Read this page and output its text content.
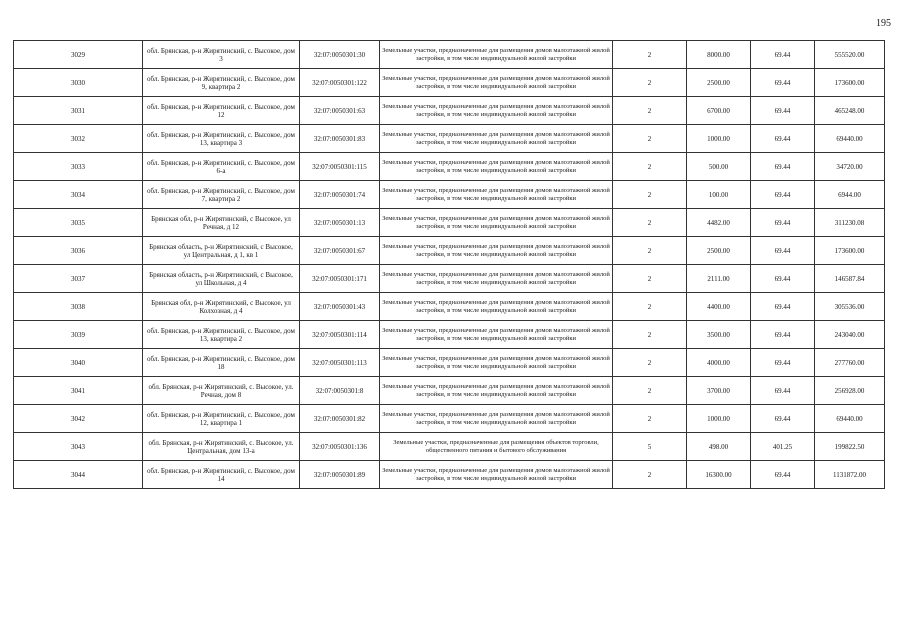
195
3029	обл. Брянская, р-н Жирятинский, с. Высокое, дом 3	32:07:0050301:30	Земельные участки, предназначенные для размещения домов малоэтажной жилой застройки, в том числе индивидуальной жилой застройки	2	8000.00	69.44	555520.00
3030	обл. Брянская, р-н Жирятинский, с. Высокое, дом 9, квартира 2	32:07:0050301:122	Земельные участки, предназначенные для размещения домов малоэтажной жилой застройки, в том числе индивидуальной жилой застройки	2	2500.00	69.44	173600.00
3031	обл. Брянская, р-н Жирятинский, с. Высокое, дом 12	32:07:0050301:63	Земельные участки, предназначенные для размещения домов малоэтажной жилой застройки, в том числе индивидуальной жилой застройки	2	6700.00	69.44	465248.00
3032	обл. Брянская, р-н Жирятинский, с. Высокое, дом 13, квартира 3	32:07:0050301:83	Земельные участки, предназначенные для размещения домов малоэтажной жилой застройки, в том числе индивидуальной жилой застройки	2	1000.00	69.44	69440.00
3033	обл. Брянская, р-н Жирятинский, с. Высокое, дом 6-а	32:07:0050301:115	Земельные участки, предназначенные для размещения домов малоэтажной жилой застройки, в том числе индивидуальной жилой застройки	2	500.00	69.44	34720.00
3034	обл. Брянская, р-н Жирятинский, с. Высокое, дом 7, квартира 2	32:07:0050301:74	Земельные участки, предназначенные для размещения домов малоэтажной жилой застройки, в том числе индивидуальной жилой застройки	2	100.00	69.44	6944.00
3035	Брянская обл, р-н Жирятинский, с Высокое, ул Речная, д 12	32:07:0050301:13	Земельные участки, предназначенные для размещения домов малоэтажной жилой застройки, в том числе индивидуальной жилой застройки	2	4482.00	69.44	311230.08
3036	Брянская область, р-н Жирятинский, с Высокое, ул Центральная, д 1, кв 1	32:07:0050301:67	Земельные участки, предназначенные для размещения домов малоэтажной жилой застройки, в том числе индивидуальной жилой застройки	2	2500.00	69.44	173600.00
3037	Брянская область, р-н Жирятинский, с Высокое, ул Школьная, д 4	32:07:0050301:171	Земельные участки, предназначенные для размещения домов малоэтажной жилой застройки, в том числе индивидуальной жилой застройки	2	2111.00	69.44	146587.84
3038	Брянская обл, р-н Жирятинский, с Высокое, ул Колхозная, д 4	32:07:0050301:43	Земельные участки, предназначенные для размещения домов малоэтажной жилой застройки, в том числе индивидуальной жилой застройки	2	4400.00	69.44	305536.00
3039	обл. Брянская, р-н Жирятинский, с. Высокое, дом 13, квартира 2	32:07:0050301:114	Земельные участки, предназначенные для размещения домов малоэтажной жилой застройки, в том числе индивидуальной жилой застройки	2	3500.00	69.44	243040.00
3040	обл. Брянская, р-н Жирятинский, с. Высокое, дом 18	32:07:0050301:113	Земельные участки, предназначенные для размещения домов малоэтажной жилой застройки, в том числе индивидуальной жилой застройки	2	4000.00	69.44	277760.00
3041	обл. Брянская, р-н Жирятинский, с. Высокое, ул. Речная, дом 8	32:07:0050301:8	Земельные участки, предназначенные для размещения домов малоэтажной жилой застройки, в том числе индивидуальной жилой застройки	2	3700.00	69.44	256928.00
3042	обл. Брянская, р-н Жирятинский, с. Высокое, дом 12, квартира 1	32:07:0050301:82	Земельные участки, предназначенные для размещения домов малоэтажной жилой застройки, в том числе индивидуальной жилой застройки	2	1000.00	69.44	69440.00
3043	обл. Брянская, р-н Жирятинский, с. Высокое, ул. Центральная, дом 13-а	32:07:0050301:136	Земельные участки, предназначенные для размещения объектов торговли, общественного питания и бытового обслуживания	5	498.00	401.25	199822.50
3044	обл. Брянская, р-н Жирятинский, с. Высокое, дом 14	32:07:0050301:89	Земельные участки, предназначенные для размещения домов малоэтажной жилой застройки, в том числе индивидуальной жилой застройки	2	16300.00	69.44	1131872.00
